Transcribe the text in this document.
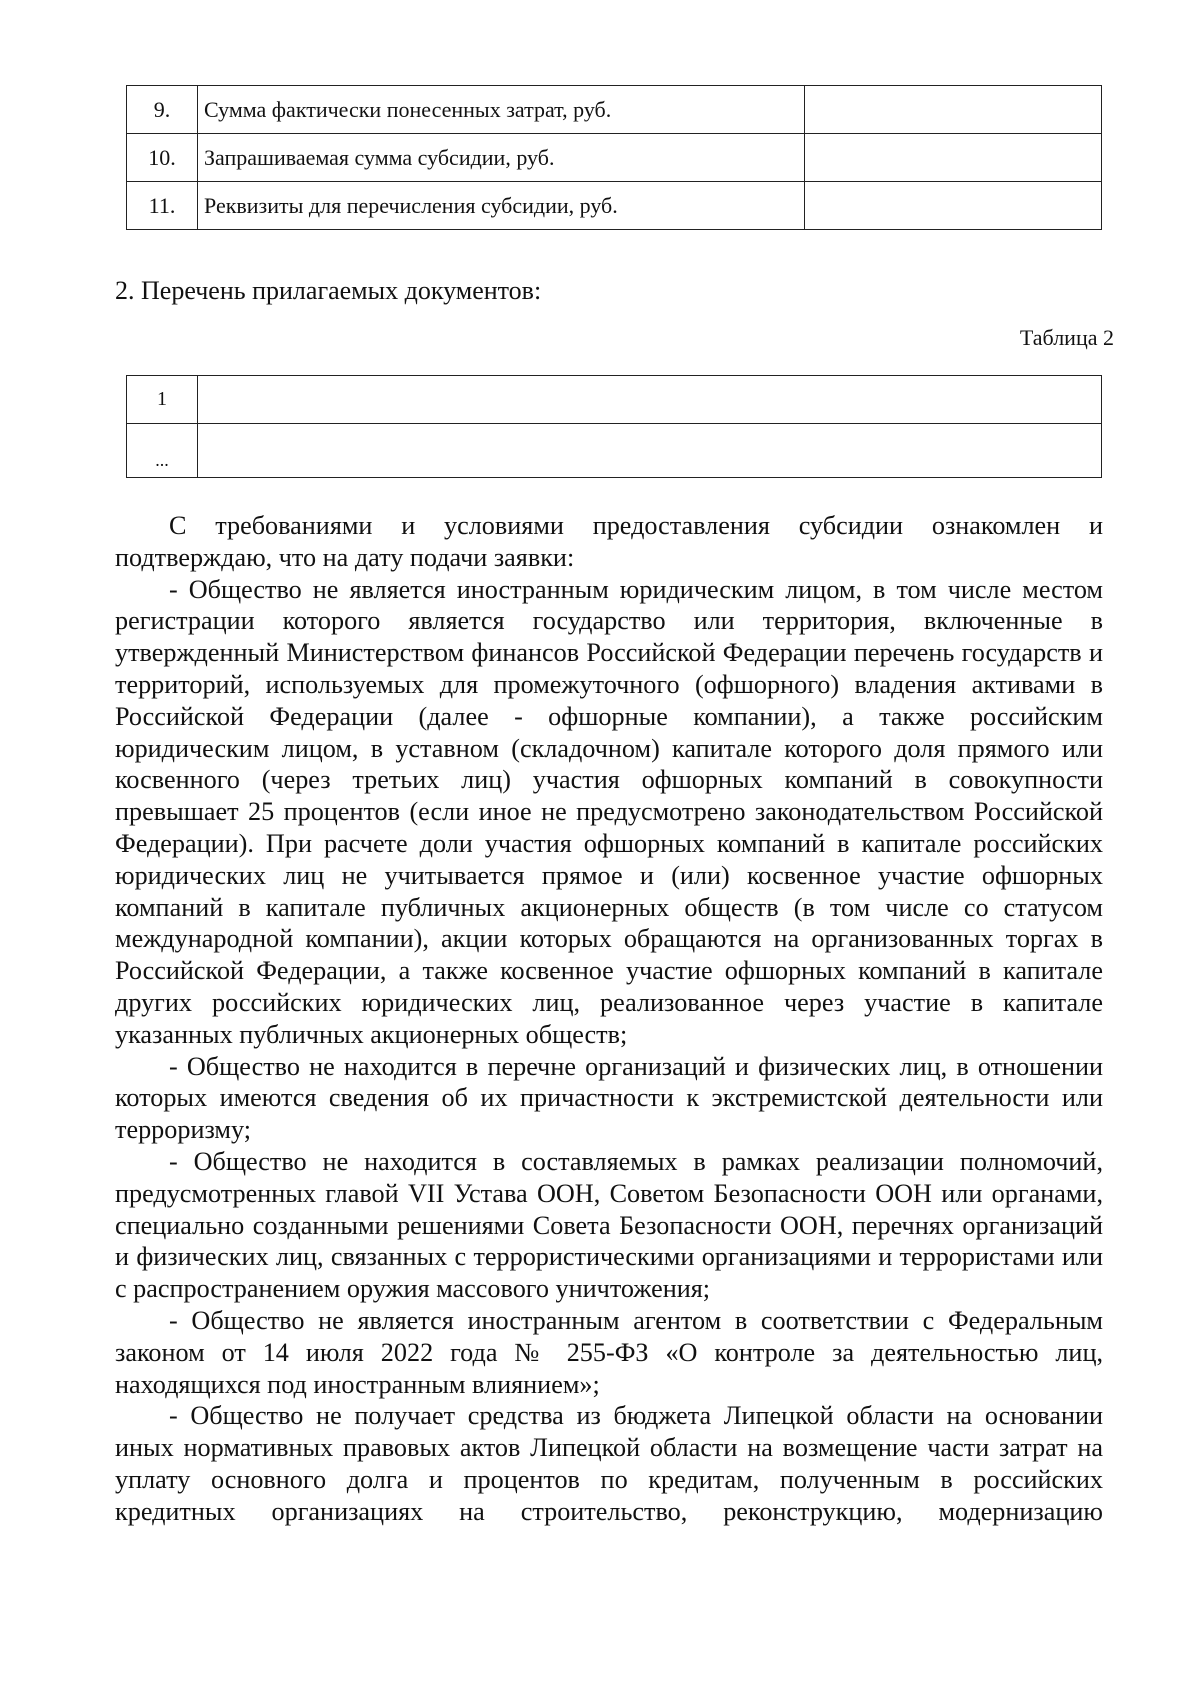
9.	Сумма фактически понесенных затрат, руб.	
10.	Запрашиваемая сумма субсидии, руб.	
11.	Реквизиты для перечисления субсидии, руб.	
2. Перечень прилагаемых документов:
Таблица 2
1	
...	

С требованиями и условиями предоставления субсидии ознакомлен и подтверждаю, что на дату подачи заявки:

- Общество не является иностранным юридическим лицом, в том числе местом регистрации которого является государство или территория, включенные в утвержденный Министерством финансов Российской Федерации перечень государств и территорий, используемых для промежуточного (офшорного) владения активами в Российской Федерации (далее - офшорные компании), а также российским юридическим лицом, в уставном (складочном) капитале которого доля прямого или косвенного (через третьих лиц) участия офшорных компаний в совокупности превышает 25 процентов (если иное не предусмотрено законодательством Российской Федерации). При расчете доли участия офшорных компаний в капитале российских юридических лиц не учитывается прямое и (или) косвенное участие офшорных компаний в капитале публичных акционерных обществ (в том числе со статусом международной компании), акции которых обращаются на организованных торгах в Российской Федерации, а также косвенное участие офшорных компаний в капитале других российских юридических лиц, реализованное через участие в капитале указанных публичных акционерных обществ;

- Общество не находится в перечне организаций и физических лиц, в отношении которых имеются сведения об их причастности к экстремистской деятельности или терроризму;

- Общество не находится в составляемых в рамках реализации полномочий, предусмотренных главой VII Устава ООН, Советом Безопасности ООН или органами, специально созданными решениями Совета Безопасности ООН, перечнях организаций и физических лиц, связанных с террористическими организациями и террористами или с распространением оружия массового уничтожения;

- Общество не является иностранным агентом в соответствии с Федеральным законом от 14 июля 2022 года № 255-ФЗ «О контроле за деятельностью лиц, находящихся под иностранным влиянием»;

- Общество не получает средства из бюджета Липецкой области на основании иных нормативных правовых актов Липецкой области на возмещение части затрат на уплату основного долга и процентов по кредитам, полученным в российских кредитных организациях на строительство, реконструкцию, модернизацию
